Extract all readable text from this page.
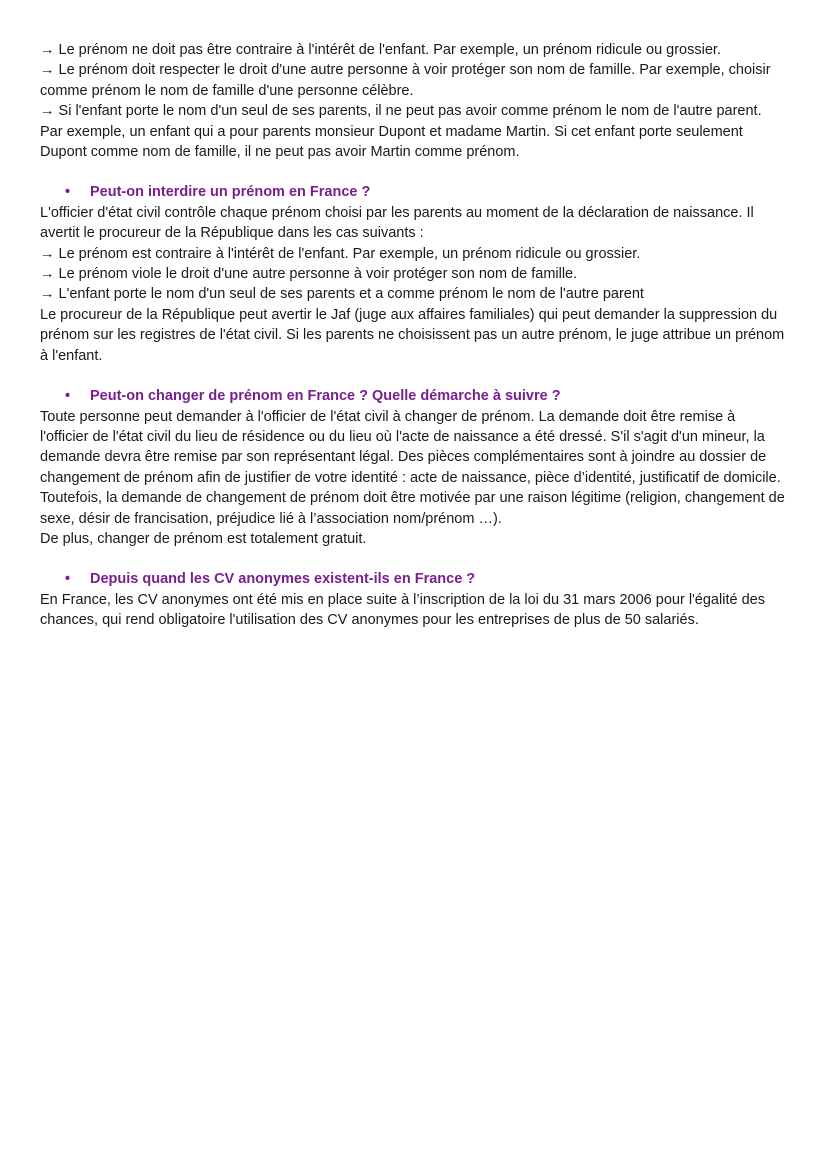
→ Le prénom ne doit pas être contraire à l'intérêt de l'enfant. Par exemple, un prénom ridicule ou grossier.

→ Le prénom doit respecter le droit d'une autre personne à voir protéger son nom de famille. Par exemple, choisir comme prénom le nom de famille d'une personne célèbre.

→ Si l'enfant porte le nom d'un seul de ses parents, il ne peut pas avoir comme prénom le nom de l'autre parent. Par exemple, un enfant qui a pour parents monsieur Dupont et madame Martin. Si cet enfant porte seulement Dupont comme nom de famille, il ne peut pas avoir Martin comme prénom.

• Peut-on interdire un prénom en France ?

L'officier d'état civil contrôle chaque prénom choisi par les parents au moment de la déclaration de naissance. Il avertit le procureur de la République dans les cas suivants :

→ Le prénom est contraire à l'intérêt de l'enfant. Par exemple, un prénom ridicule ou grossier.

→ Le prénom viole le droit d'une autre personne à voir protéger son nom de famille.

→ L'enfant porte le nom d'un seul de ses parents et a comme prénom le nom de l'autre parent

Le procureur de la République peut avertir le Jaf (juge aux affaires familiales) qui peut demander la suppression du prénom sur les registres de l'état civil. Si les parents ne choisissent pas un autre prénom, le juge attribue un prénom à l'enfant.

• Peut-on changer de prénom en France ? Quelle démarche à suivre ?

Toute personne peut demander à l'officier de l'état civil à changer de prénom. La demande doit être remise à l'officier de l'état civil du lieu de résidence ou du lieu où l'acte de naissance a été dressé. S'il s'agit d'un mineur, la demande devra être remise par son représentant légal. Des pièces complémentaires sont à joindre au dossier de changement de prénom afin de justifier de votre identité : acte de naissance, pièce d’identité, justificatif de domicile.

Toutefois, la demande de changement de prénom doit être motivée par une raison légitime (religion, changement de sexe, désir de francisation, préjudice lié à l’association nom/prénom …).

De plus, changer de prénom est totalement gratuit.

• Depuis quand les CV anonymes existent-ils en France ?

En France, les CV anonymes ont été mis en place suite à l’inscription de la loi du 31 mars 2006 pour l'égalité des chances, qui rend obligatoire l'utilisation des CV anonymes pour les entreprises de plus de 50 salariés.
